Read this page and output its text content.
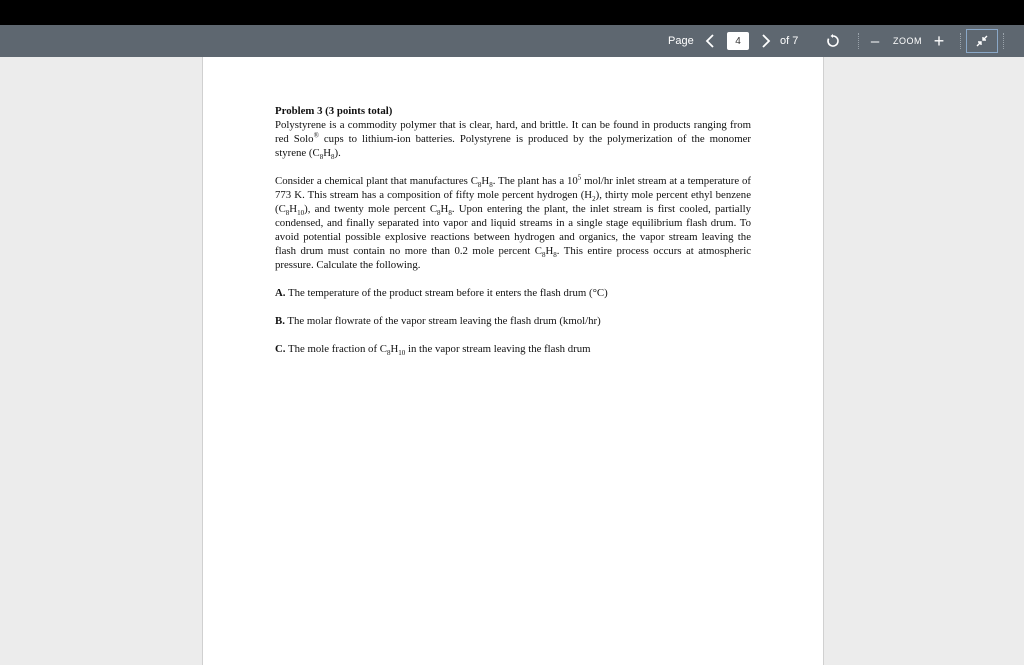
Page
4	of 7	–	ZOOM +

Problem 3 (3 points total)

Polystyrene is a commodity polymer that is clear, hard, and brittle. It can be found in products ranging from red Solo® cups to lithium-ion batteries. Polystyrene is produced by the polymerization of the monomer styrene $(C_8H_8)$.

Consider a chemical plant that manufactures $C_8H_8$. The plant has a $10^5$ mol/hr inlet stream at a temperature of 773 K. This stream has a composition of fifty mole percent hydrogen $(H_2)$, thirty mole percent ethyl benzene $(C_8H_{10})$, and twenty mole percent $C_8H_8$. Upon entering the plant, the inlet stream is first cooled, partially condensed, and finally separated into vapor and liquid streams in a single stage equilibrium flash drum. To avoid potential possible explosive reactions between hydrogen and organics, the vapor stream leaving the flash drum must contain no more than 0.2 mole percent $C_8H_8$. This entire process occurs at atmospheric pressure. Calculate the following.

A. The temperature of the product stream before it enters the flash drum (°C)

B. The molar flowrate of the vapor stream leaving the flash drum (kmol/hr)

C. The mole fraction of $C_8H_{10}$ in the vapor stream leaving the flash drum
